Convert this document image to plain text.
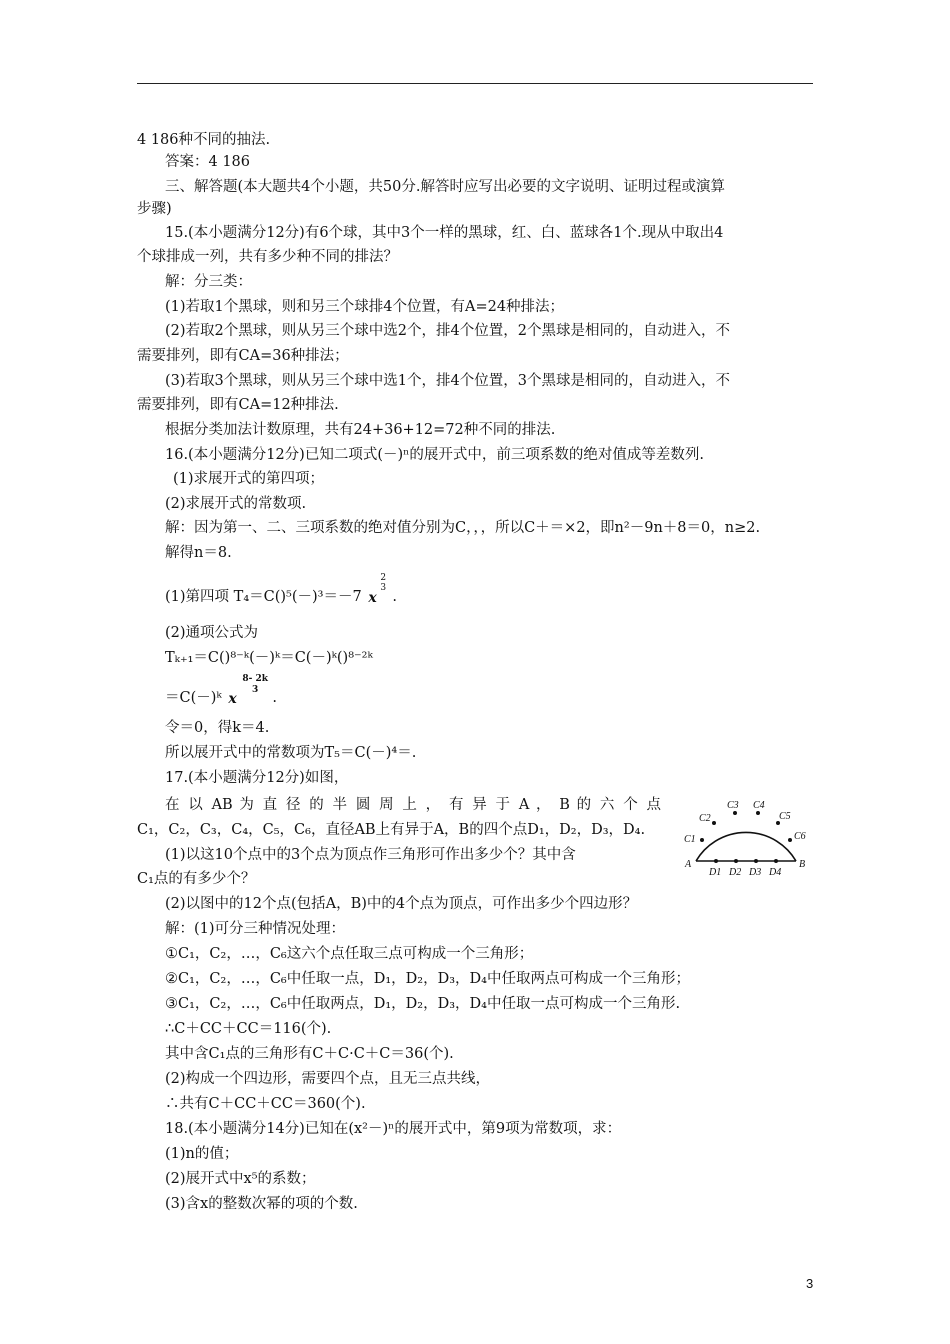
4 186种不同的抽法.
答案：4 186
三、解答题(本大题共4个小题，共50分.解答时应写出必要的文字说明、证明过程或演算
步骤)
15.(本小题满分12分)有6个球，其中3个一样的黑球，红、白、蓝球各1个.现从中取出4
个球排成一列，共有多少种不同的排法？
解：分三类：
(1)若取1个黑球，则和另三个球排4个位置，有A=24种排法；
(2)若取2个黑球，则从另三个球中选2个，排4个位置，2个黑球是相同的，自动进入，不
需要排列，即有CA=36种排法；
(3)若取3个黑球，则从另三个球中选1个，排4个位置，3个黑球是相同的，自动进入，不
需要排列，即有CA=12种排法.
根据分类加法计数原理，共有24+36+12=72种不同的排法.
16.(本小题满分12分)已知二项式(－)ⁿ的展开式中，前三项系数的绝对值成等差数列.
(1)求展开式的第四项；
(2)求展开式的常数项.
解：因为第一、二、三项系数的绝对值分别为C，，，所以C＋＝×2，即n²－9n＋8＝0，n≥2.
解得n＝8.
(1)第四项 T₄＝C()⁵(－)³＝－7 x
2
3
.
(2)通项公式为
Tₖ₊₁＝C()⁸⁻ᵏ(－)ᵏ＝C(－)ᵏ()⁸⁻²ᵏ
＝C(－)ᵏ x
8- 2k
3 .
令＝0，得k＝4.
所以展开式中的常数项为T₅＝C(－)⁴＝.
17.(本小题满分12分)如图，
在 以 AB 为 直 径 的 半 圆 周 上 ， 有 异 于 A ， B 的 六 个 点
C₁，C₂，C₃，C₄，C₅，C₆，直径AB上有异于A，B的四个点D₁，D₂，D₃，D₄.
(1)以这10个点中的3个点为顶点作三角形可作出多少个？其中含
C₁点的有多少个？
(2)以图中的12个点(包括A，B)中的4个点为顶点，可作出多少个四边形？
解：(1)可分三种情况处理：
①C₁，C₂，…，C₆这六个点任取三点可构成一个三角形；
②C₁，C₂，…，C₆中任取一点，D₁，D₂，D₃，D₄中任取两点可构成一个三角形；
③C₁，C₂，…，C₆中任取两点，D₁，D₂，D₃，D₄中任取一点可构成一个三角形.
∴C＋CC＋CC＝116(个).
其中含C₁点的三角形有C＋C·C＋C＝36(个).
(2)构成一个四边形，需要四个点，且无三点共线，
∴共有C＋CC＋CC＝360(个).
18.(本小题满分14分)已知在(x²－)ⁿ的展开式中，第9项为常数项，求：
(1)n的值；
(2)展开式中x⁵的系数；
(3)含x的整数次幂的项的个数.
C1
C2
C3 C4
C5
C6
A	B
D1 D2 D3 D4
3
